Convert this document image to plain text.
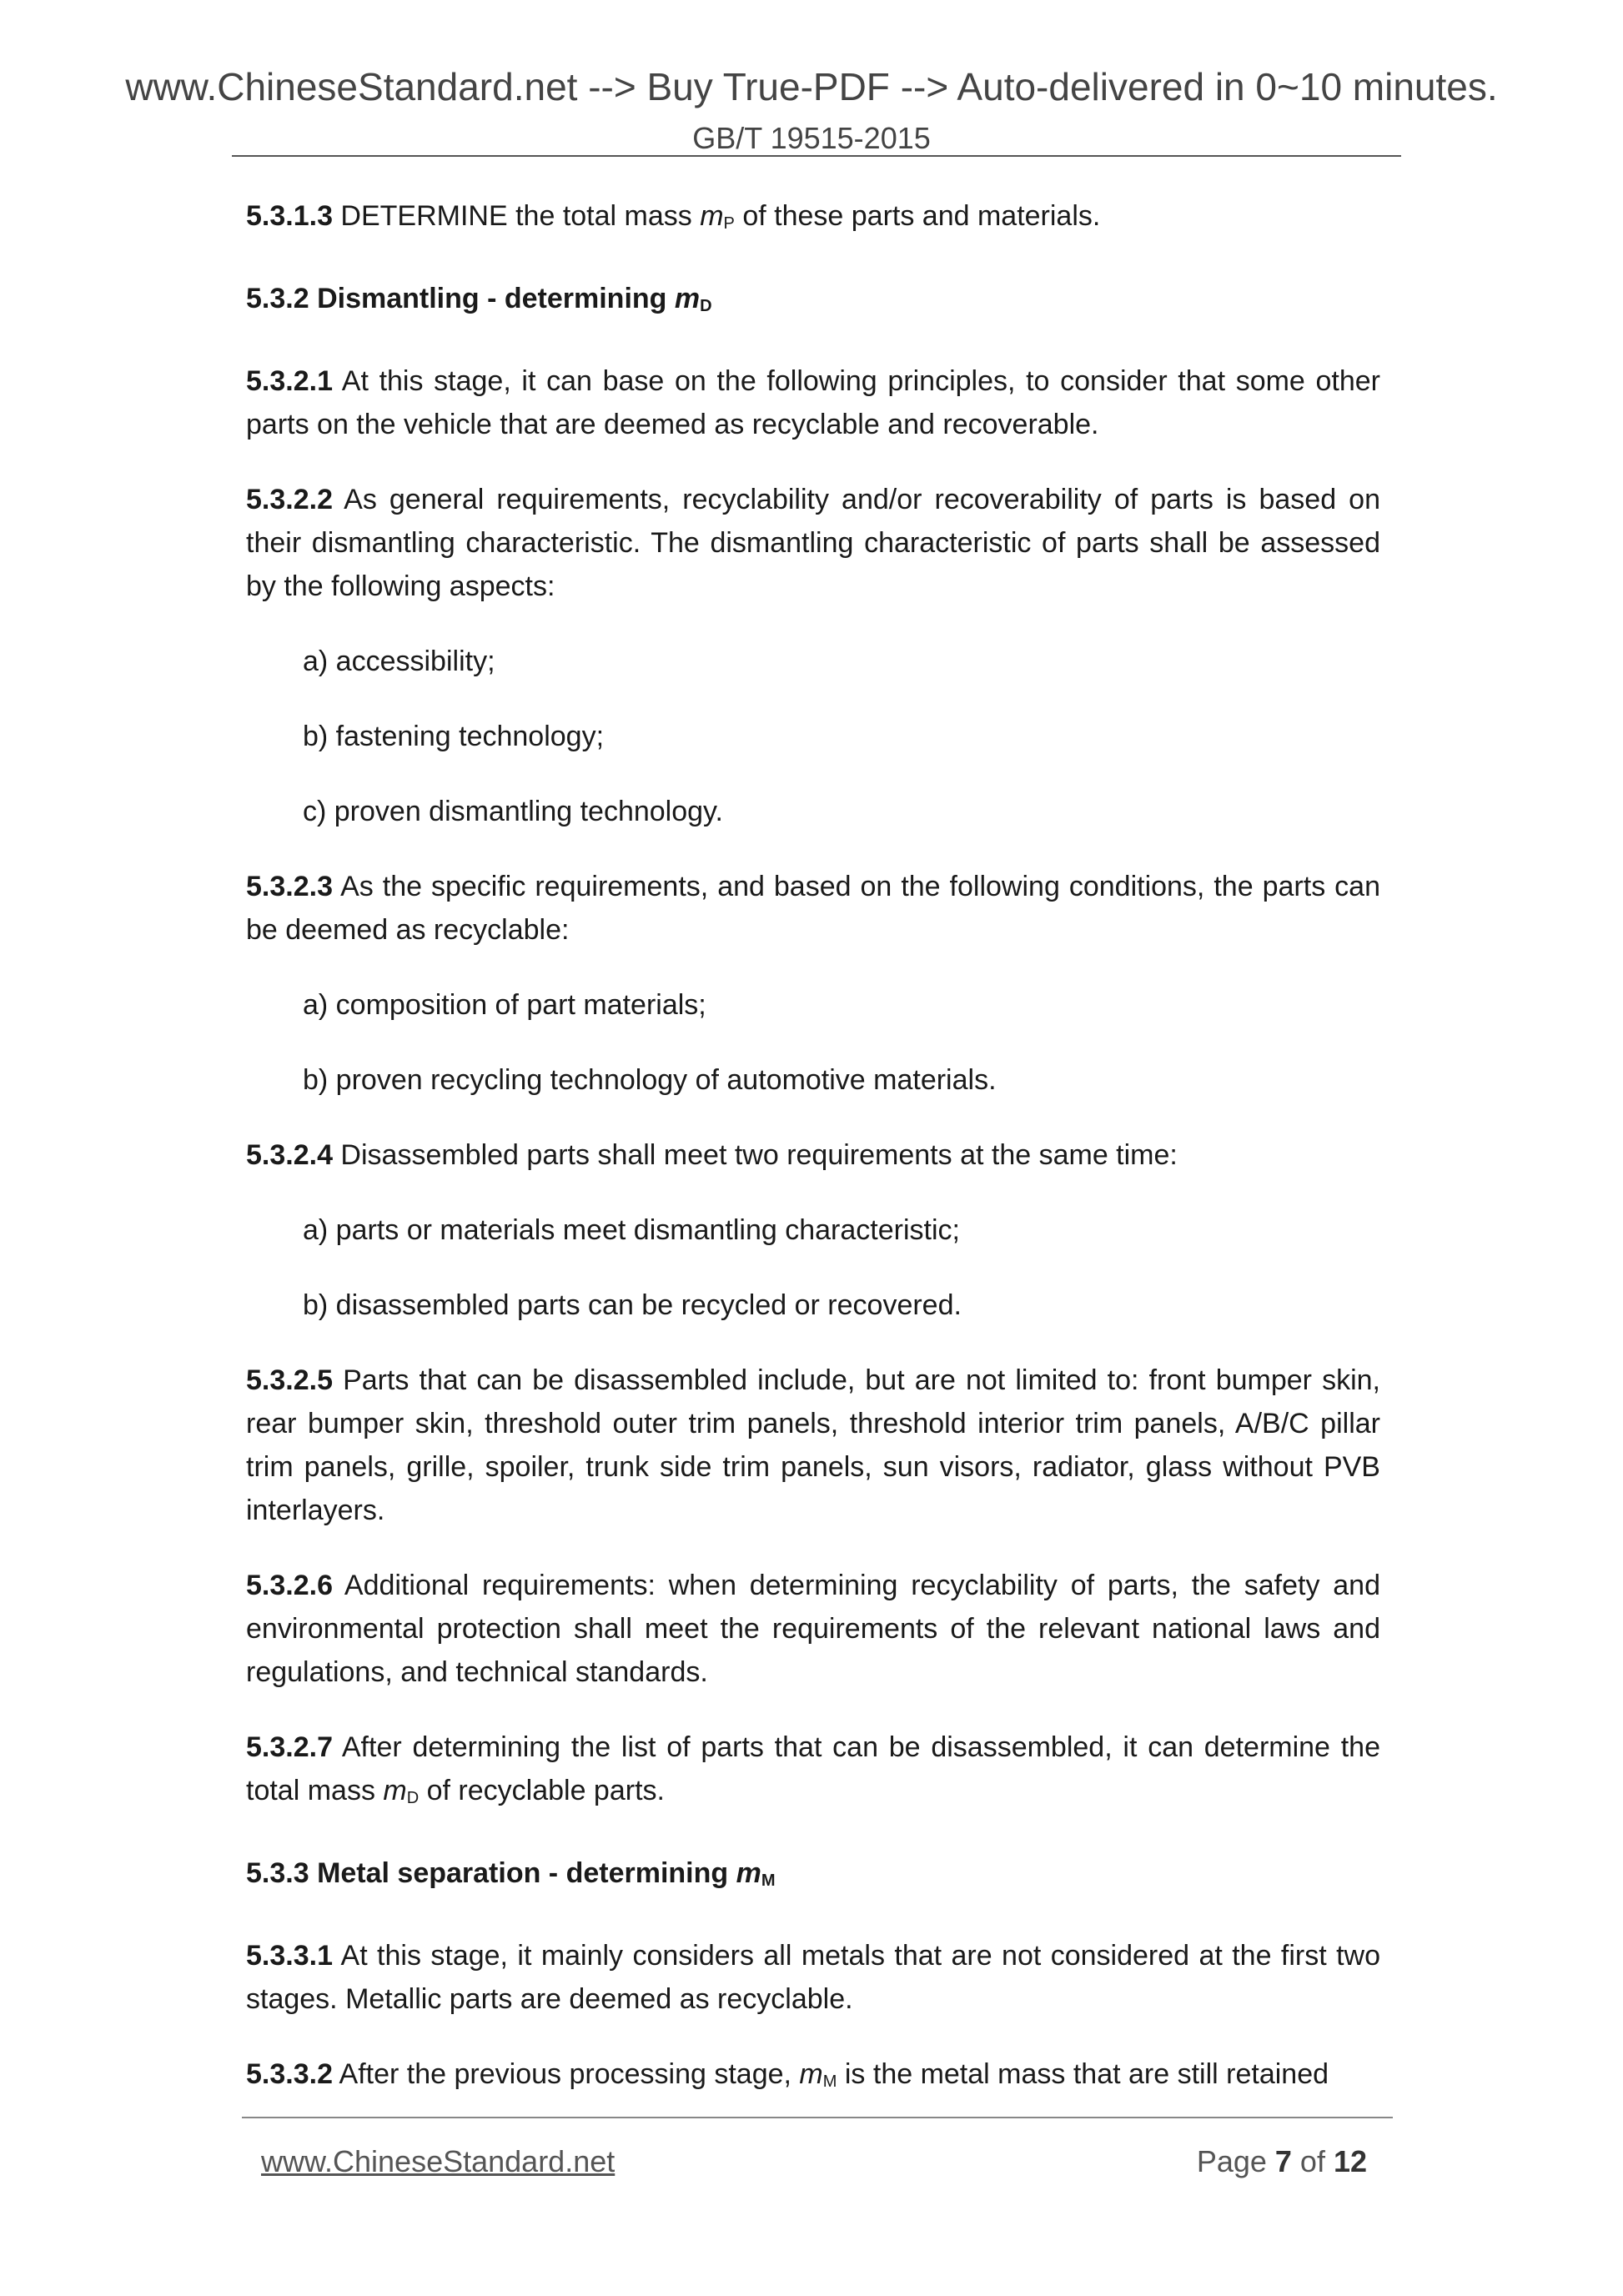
www.ChineseStandard.net --> Buy True-PDF --> Auto-delivered in 0~10 minutes.
GB/T 19515-2015

5.3.1.3 DETERMINE the total mass $m_P$ of these parts and materials.

5.3.2 Dismantling - determining $m_D$

5.3.2.1 At this stage, it can base on the following principles, to consider that some other parts on the vehicle that are deemed as recyclable and recoverable.

5.3.2.2 As general requirements, recyclability and/or recoverability of parts is based on their dismantling characteristic. The dismantling characteristic of parts shall be assessed by the following aspects:

a) accessibility;

b) fastening technology;

c) proven dismantling technology.

5.3.2.3 As the specific requirements, and based on the following conditions, the parts can be deemed as recyclable:

a) composition of part materials;

b) proven recycling technology of automotive materials.

5.3.2.4 Disassembled parts shall meet two requirements at the same time:

a) parts or materials meet dismantling characteristic;

b) disassembled parts can be recycled or recovered.

5.3.2.5 Parts that can be disassembled include, but are not limited to: front bumper skin, rear bumper skin, threshold outer trim panels, threshold interior trim panels, A/B/C pillar trim panels, grille, spoiler, trunk side trim panels, sun visors, radiator, glass without PVB interlayers.

5.3.2.6 Additional requirements: when determining recyclability of parts, the safety and environmental protection shall meet the requirements of the relevant national laws and regulations, and technical standards.

5.3.2.7 After determining the list of parts that can be disassembled, it can determine the total mass $m_D$ of recyclable parts.

5.3.3 Metal separation - determining $m_M$

5.3.3.1 At this stage, it mainly considers all metals that are not considered at the first two stages. Metallic parts are deemed as recyclable.

5.3.3.2 After the previous processing stage, $m_M$ is the metal mass that are still retained

www.ChineseStandard.net	Page 7 of 12
